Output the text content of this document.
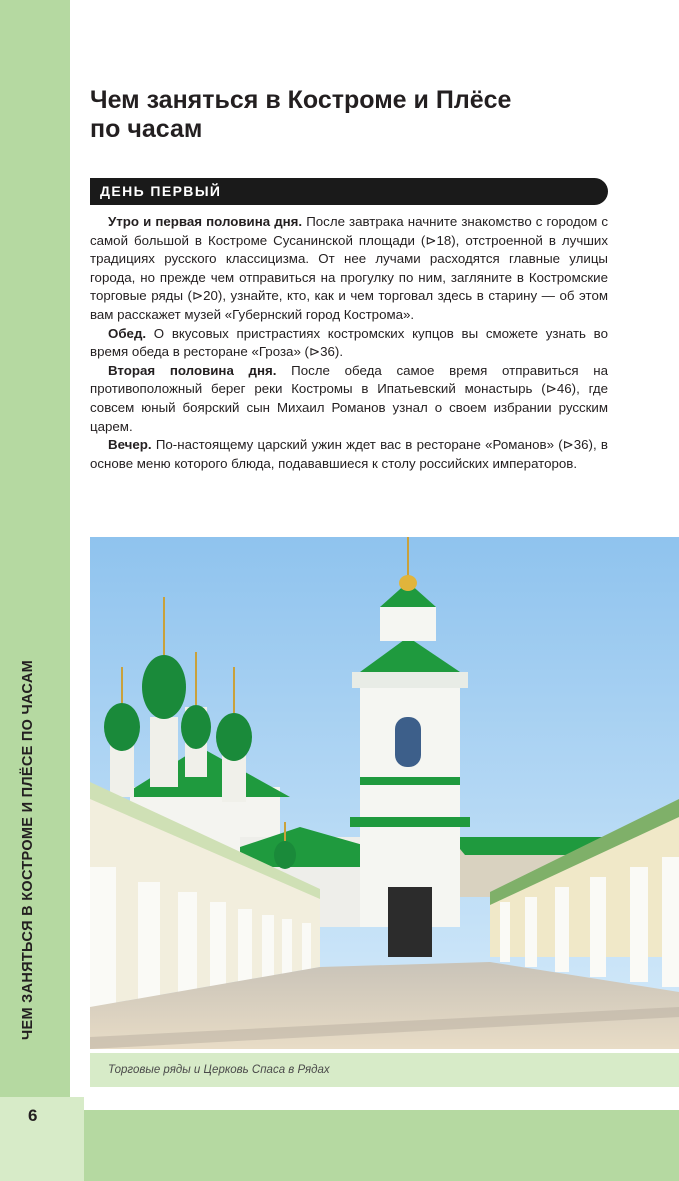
ЧЕМ ЗАНЯТЬСЯ В КОСТРОМЕ И ПЛЁСЕ ПО ЧАСАМ
6
Чем заняться в Костроме и Плёсе
по часам
ДЕНЬ ПЕРВЫЙ

Утро и первая половина дня. После завтрака начните знакомство с городом с самой большой в Костроме Сусанинской площади (⊳18), отстроенной в лучших традициях русского классицизма. От нее лучами расходятся главные улицы города, но прежде чем отправиться на прогулку по ним, загляните в Костромские торговые ряды (⊳20), узнайте, кто, как и чем торговал здесь в старину — об этом вам расскажет музей «Губернский город Кострома».

Обед. О вкусовых пристрастиях костромских купцов вы сможете узнать во время обеда в ресторане «Гроза» (⊳36).

Вторая половина дня. После обеда самое время отправиться на противоположный берег реки Костромы в Ипатьевский монастырь (⊳46), где совсем юный боярский сын Михаил Романов узнал о своем избрании русским царем.

Вечер. По-настоящему царский ужин ждет вас в ресторане «Романов» (⊳36), в основе меню которого блюда, подававшиеся к столу российских императоров.

Торговые ряды и Церковь Спаса в Рядах
